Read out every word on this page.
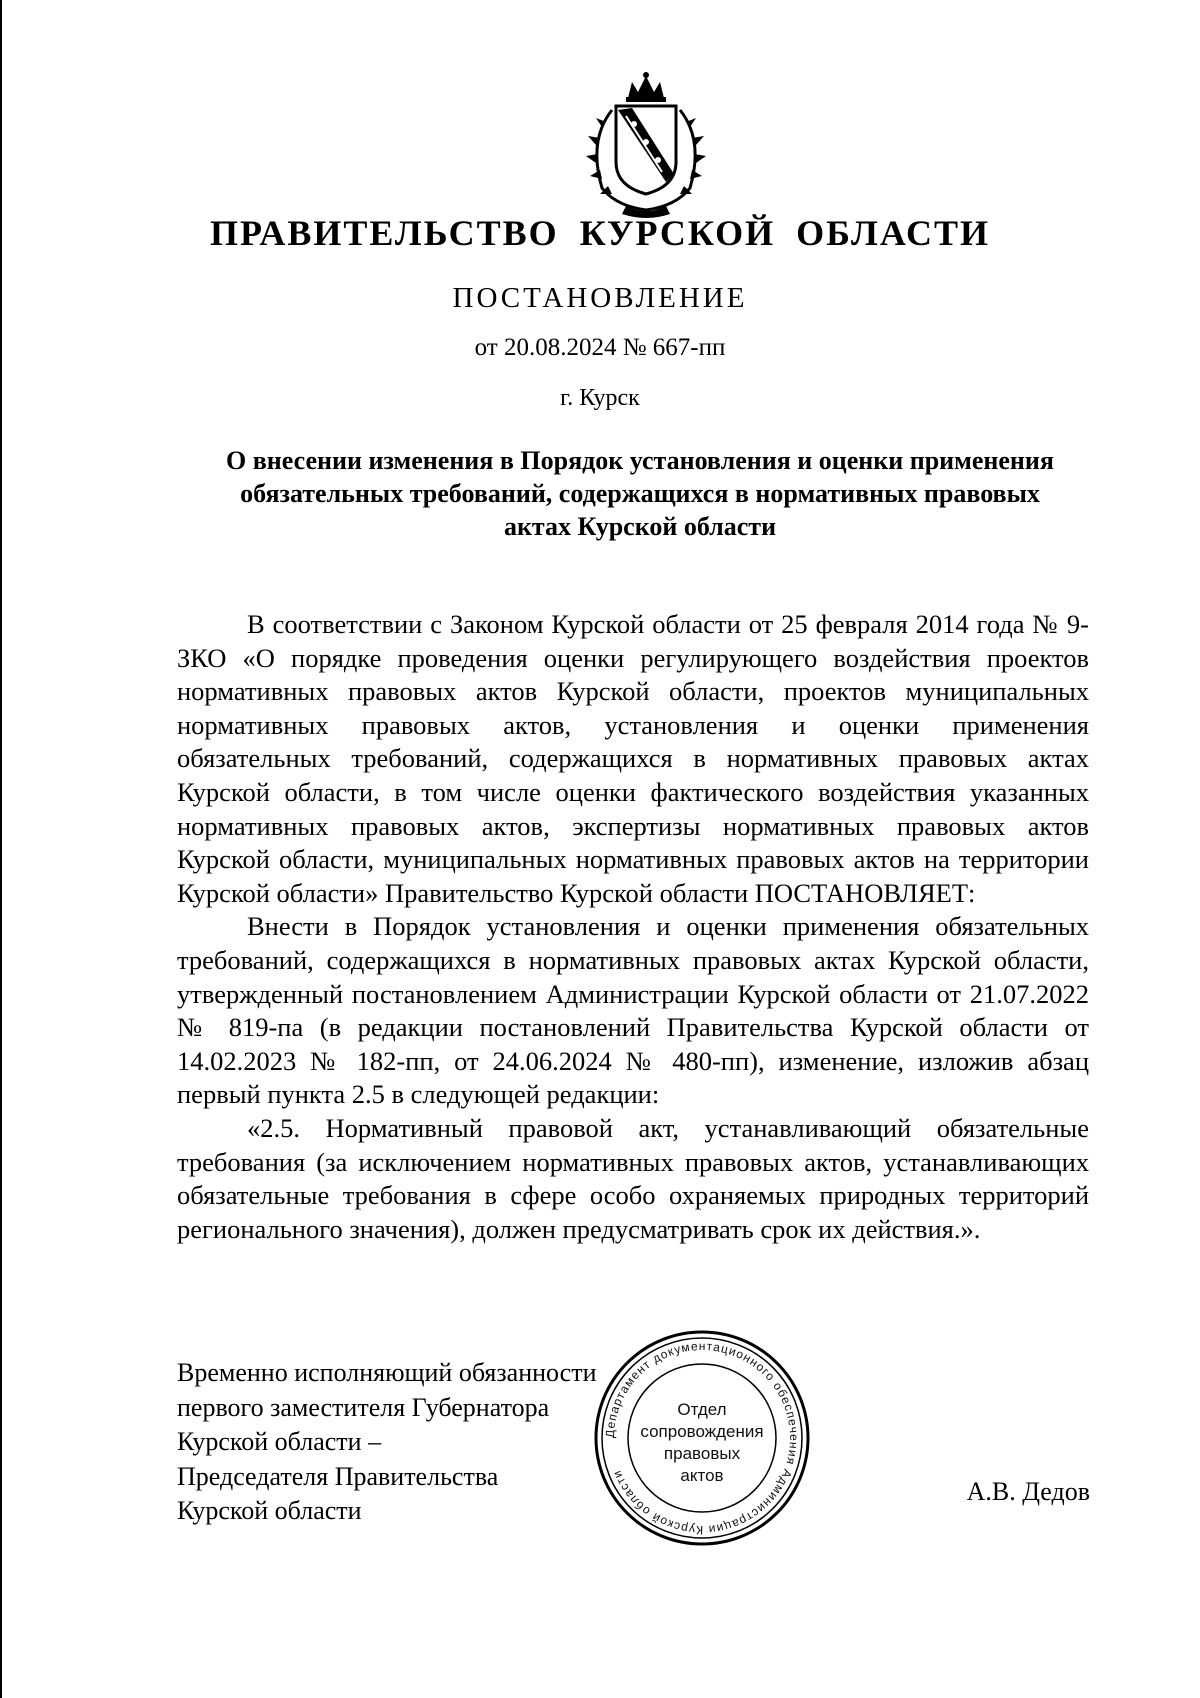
ПРАВИТЕЛЬСТВО КУРСКОЙ ОБЛАСТИ
ПОСТАНОВЛЕНИЕ
от 20.08.2024 № 667-пп
г. Курск
О внесении изменения в Порядок установления и оценки применения
обязательных требований, содержащихся в нормативных правовых
актах Курской области

В соответствии с Законом Курской области от 25 февраля 2014 года № 9-ЗКО «О порядке проведения оценки регулирующего воздействия проектов нормативных правовых актов Курской области, проектов муниципальных нормативных правовых актов, установления и оценки применения обязательных требований, содержащихся в нормативных правовых актах Курской области, в том числе оценки фактического воздействия указанных нормативных правовых актов, экспертизы нормативных правовых актов Курской области, муниципальных нормативных правовых актов на территории Курской области» Правительство Курской области ПОСТАНОВЛЯЕТ:

Внести в Порядок установления и оценки применения обязательных требований, содержащихся в нормативных правовых актах Курской области, утвержденный постановлением Администрации Курской области от 21.07.2022 № 819-па (в редакции постановлений Правительства Курской области от 14.02.2023 № 182-пп, от 24.06.2024 № 480-пп), изменение, изложив абзац первый пункта 2.5 в следующей редакции:

«2.5. Нормативный правовой акт, устанавливающий обязательные требования (за исключением нормативных правовых актов, устанавливающих обязательные требования в сфере особо охраняемых природных территорий регионального значения), должен предусматривать срок их действия.».

Временно исполняющий обязанности
первого заместителя Губернатора
Курской области –
Председателя Правительства
Курской области
Департамент документационного обеспечения Администрации Курской области
Отдел
сопровождения
правовых
актов
А.В. Дедов
